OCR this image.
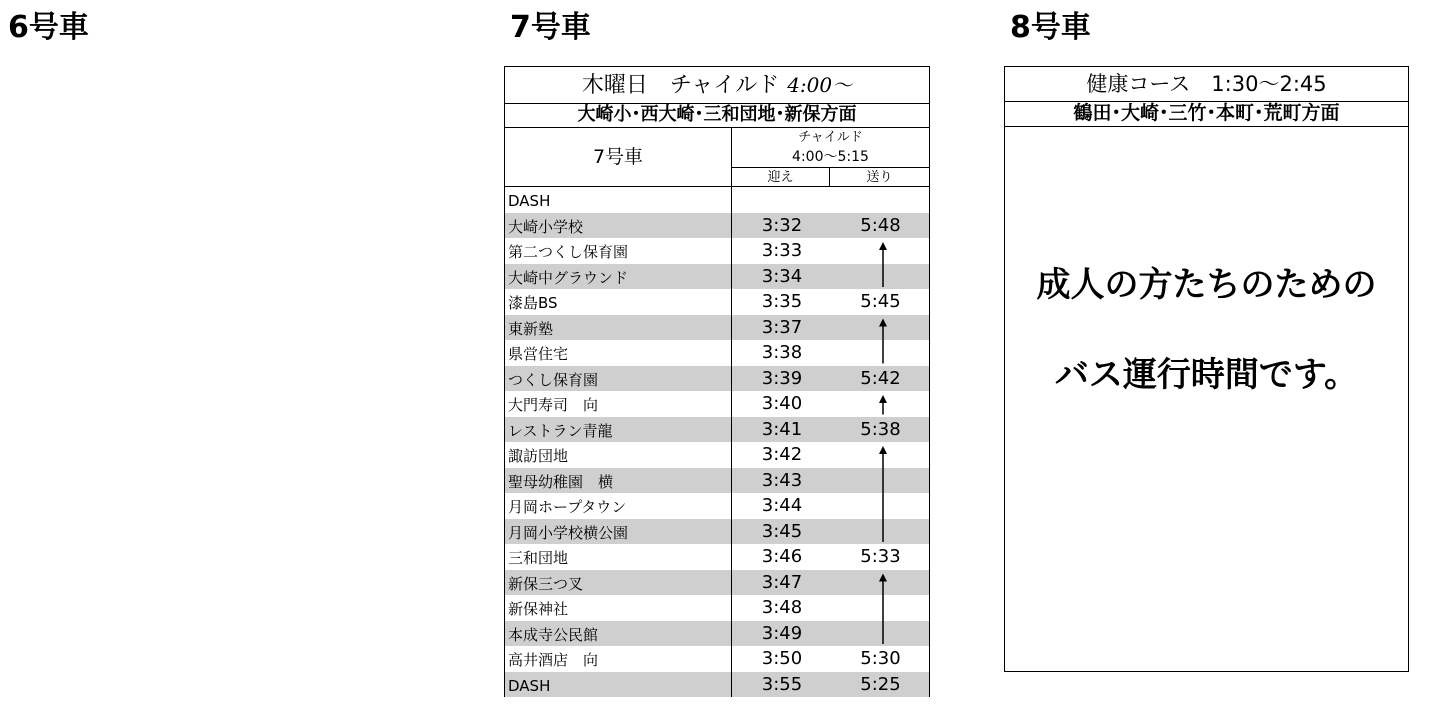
6号車	7号車	8号車
木曜日　チャイルド 4:00〜
大崎小･西大崎･三和団地･新保方面
7号車
チャイルド
4:00〜5:15
迎え	送り
DASH
大崎小学校	3:32	5:48
第二つくし保育園	3:33
大崎中グラウンド	3:34
漆島BS	3:35	5:45
東新塾	3:37
県営住宅	3:38
つくし保育園	3:39	5:42
大門寿司　向	3:40
レストラン青龍	3:41	5:38
諏訪団地	3:42
聖母幼稚園　横	3:43
月岡ホープタウン	3:44
月岡小学校横公園	3:45
三和団地	3:46	5:33
新保三つ叉	3:47
新保神社	3:48
本成寺公民館	3:49
高井酒店　向	3:50	5:30
DASH	3:55	5:25
健康コース　1:30〜2:45
鶴田･大崎･三竹･本町･荒町方面
成人の方たちのための
バス運行時間です。
